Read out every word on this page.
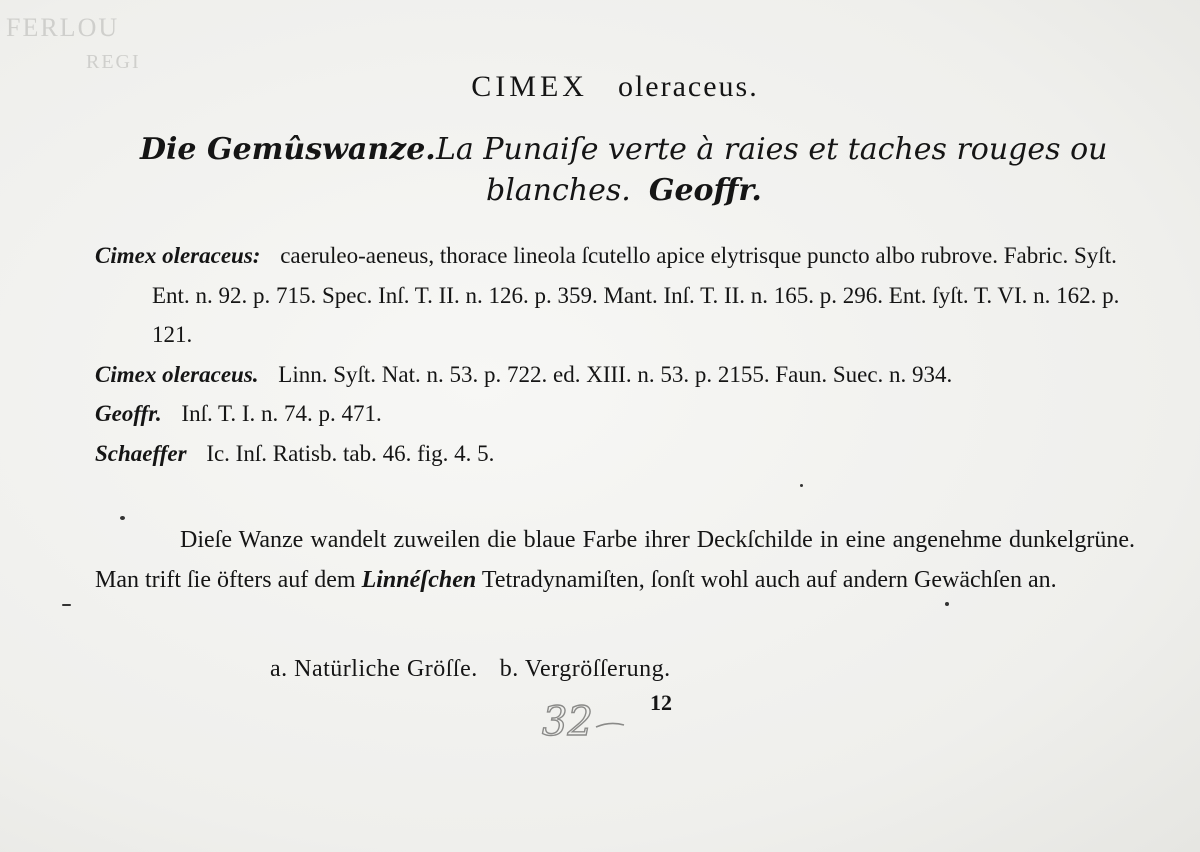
FERLOU
REGI
CIMEX oleraceus.
Die Gemûswanze. La Punaiſe verte à raies et taches rouges ou
blanches. Geoffr.
Cimex oleraceus: caeruleo-aeneus, thorace lineola ſcutello apice elytrisque puncto albo rubrove. Fabric. Syſt. Ent. n. 92. p. 715. Spec. Inſ. T. II. n. 126. p. 359. Mant. Inſ. T. II. n. 165. p. 296. Ent. ſyſt. T. VI. n. 162. p. 121.
Cimex oleraceus. Linn. Syſt. Nat. n. 53. p. 722. ed. XIII. n. 53. p. 2155. Faun. Suec. n. 934.
Geoffr. Inſ. T. I. n. 74. p. 471.
Schaeffer Ic. Inſ. Ratisb. tab. 46. fig. 4. 5.
Dieſe Wanze wandelt zuweilen die blaue Farbe ihrer Deckſchilde in eine angenehme dunkelgrüne. Man trift ſie öfters auf dem Linnéſchen Tetradynamiſten, ſonſt wohl auch auf andern Gewächſen an.
a. Natürliche Gröſſe. b. Vergröſſerung.
32	12
